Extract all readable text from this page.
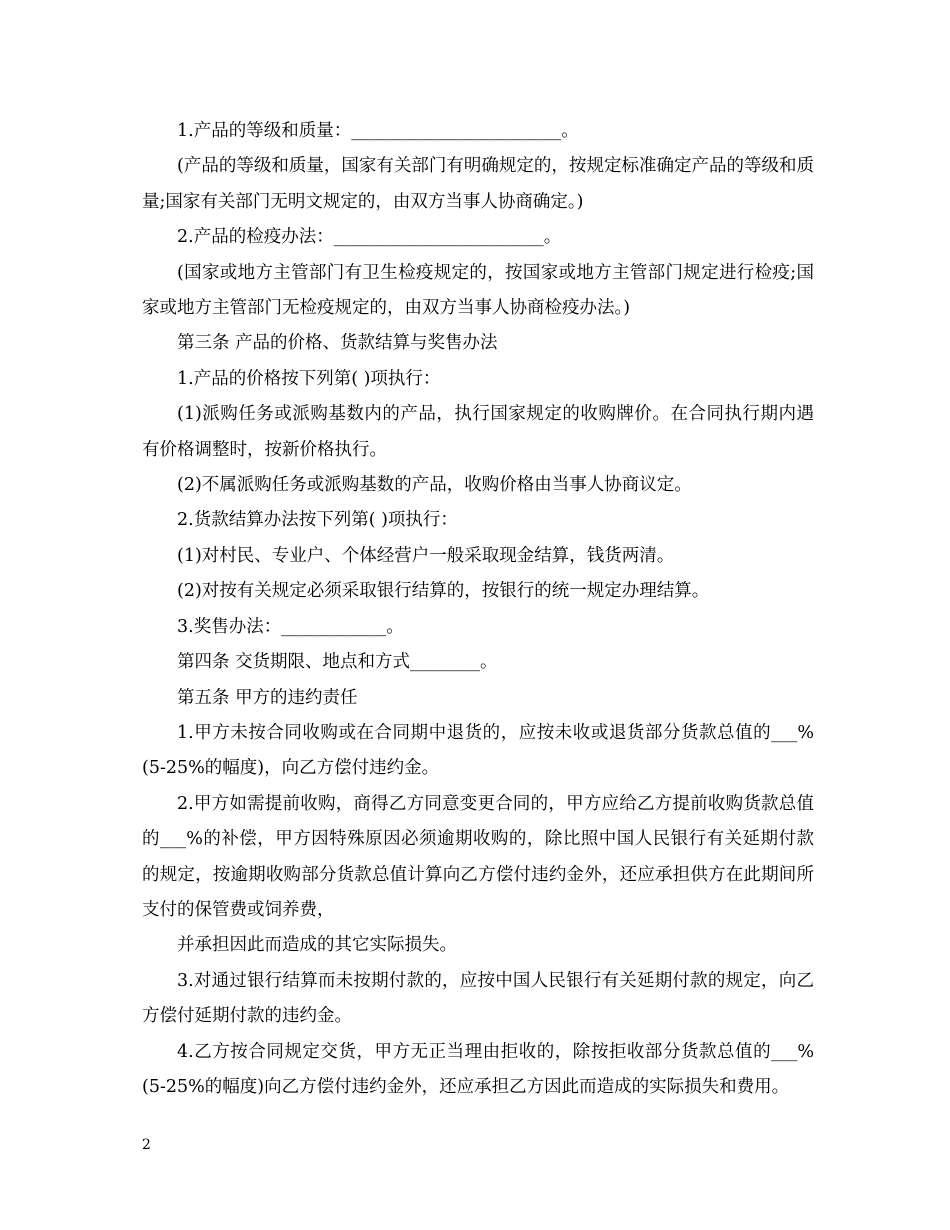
1.产品的等级和质量：________________________。

(产品的等级和质量，国家有关部门有明确规定的，按规定标准确定产品的等级和质量;国家有关部门无明文规定的，由双方当事人协商确定。)

2.产品的检疫办法：________________________。

(国家或地方主管部门有卫生检疫规定的，按国家或地方主管部门规定进行检疫;国家或地方主管部门无检疫规定的，由双方当事人协商检疫办法。)

第三条 产品的价格、货款结算与奖售办法

1.产品的价格按下列第( )项执行：

(1)派购任务或派购基数内的产品，执行国家规定的收购牌价。在合同执行期内遇有价格调整时，按新价格执行。

(2)不属派购任务或派购基数的产品，收购价格由当事人协商议定。

2.货款结算办法按下列第( )项执行：

(1)对村民、专业户、个体经营户一般采取现金结算，钱货两清。

(2)对按有关规定必须采取银行结算的，按银行的统一规定办理结算。

3.奖售办法：____________。

第四条 交货期限、地点和方式________。

第五条 甲方的违约责任

1.甲方未按合同收购或在合同期中退货的，应按未收或退货部分货款总值的___%(5-25%的幅度)，向乙方偿付违约金。

2.甲方如需提前收购，商得乙方同意变更合同的，甲方应给乙方提前收购货款总值的___%的补偿，甲方因特殊原因必须逾期收购的，除比照中国人民银行有关延期付款的规定，按逾期收购部分货款总值计算向乙方偿付违约金外，还应承担供方在此期间所支付的保管费或饲养费，

并承担因此而造成的其它实际损失。

3.对通过银行结算而未按期付款的，应按中国人民银行有关延期付款的规定，向乙方偿付延期付款的违约金。

4.乙方按合同规定交货，甲方无正当理由拒收的，除按拒收部分货款总值的___%(5-25%的幅度)向乙方偿付违约金外，还应承担乙方因此而造成的实际损失和费用。

2
